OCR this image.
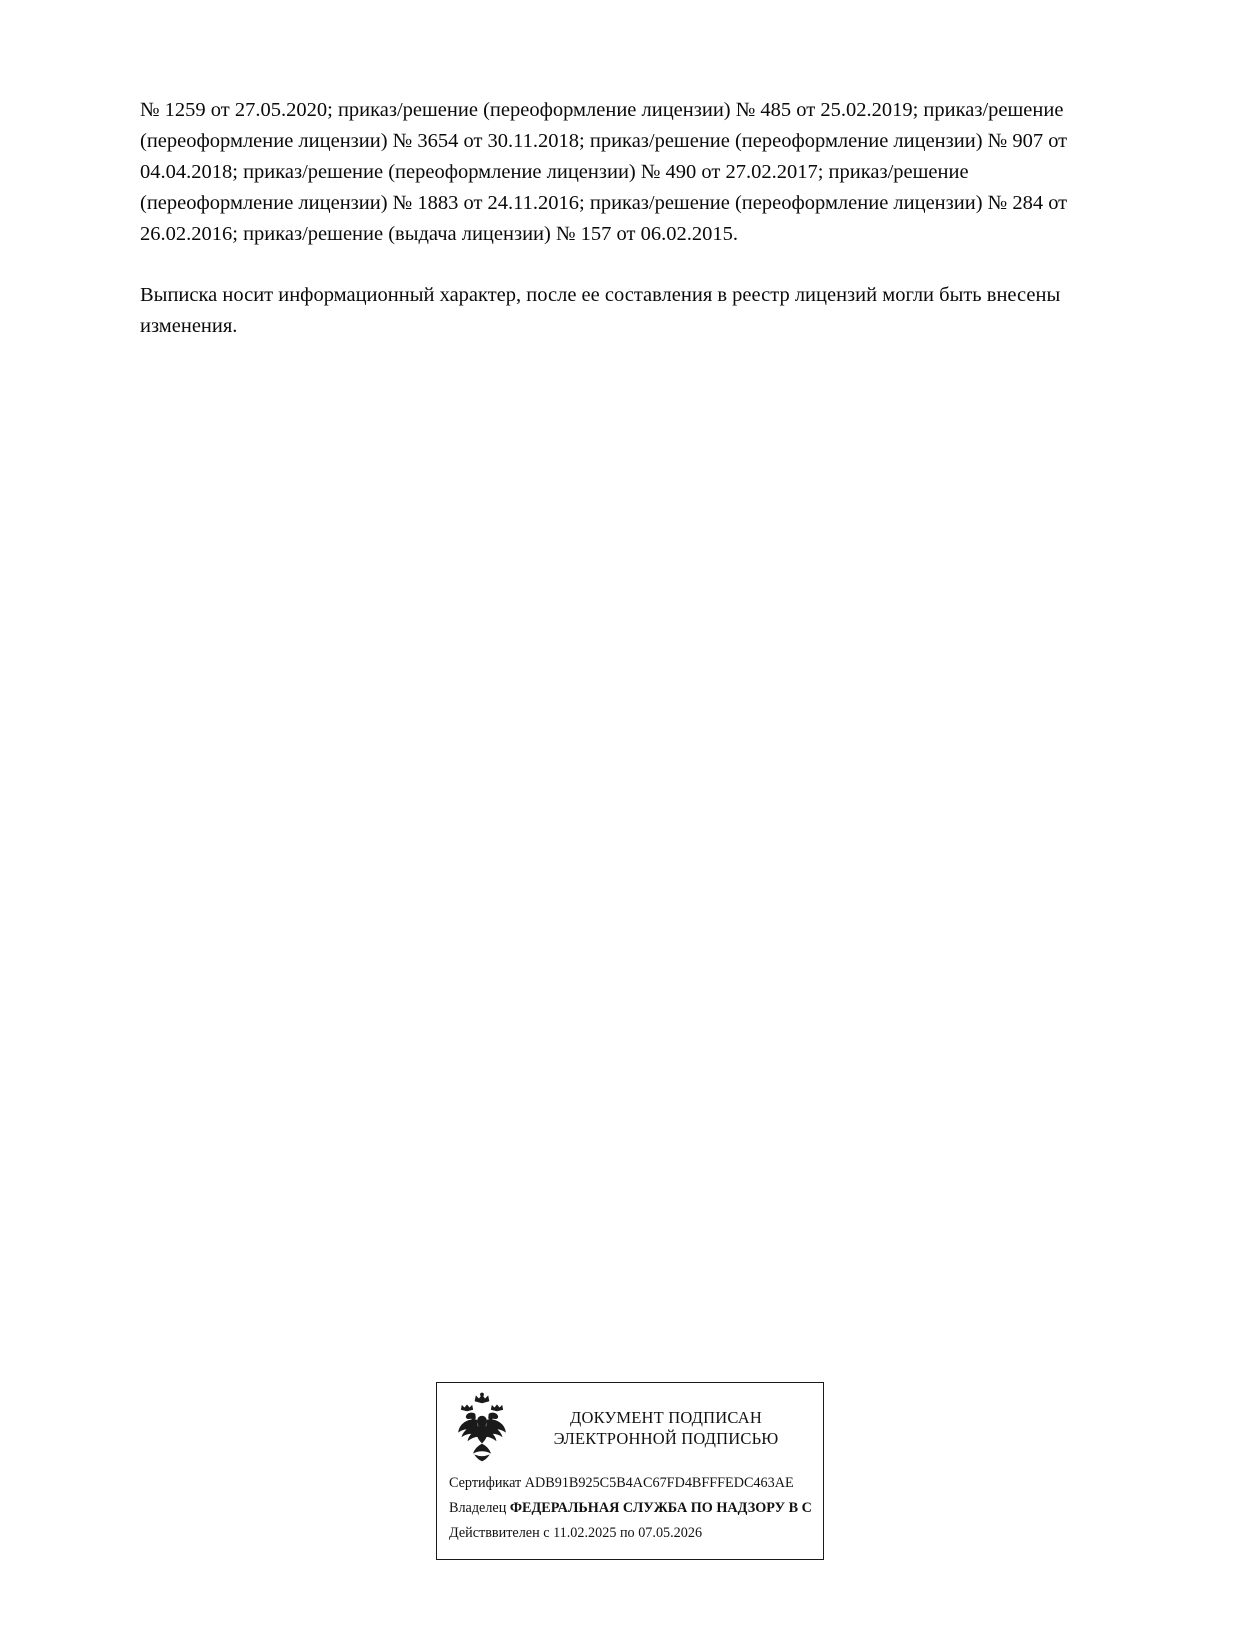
№ 1259 от 27.05.2020; приказ/решение (переоформление лицензии) № 485 от 25.02.2019; приказ/решение (переоформление лицензии) № 3654 от 30.11.2018; приказ/решение (переоформление лицензии) № 907 от 04.04.2018; приказ/решение (переоформление лицензии) № 490 от 27.02.2017; приказ/решение (переоформление лицензии) № 1883 от 24.11.2016; приказ/решение (переоформление лицензии) № 284 от 26.02.2016; приказ/решение (выдача лицензии) № 157 от 06.02.2015.

Выписка носит информационный характер, после ее составления в реестр лицензий могли быть внесены изменения.

ДОКУМЕНТ ПОДПИСАН
ЭЛЕКТРОННОЙ ПОДПИСЬЮ
Сертификат ADB91B925C5B4AC67FD4BFFFEDC463AE
Владелец ФЕДЕРАЛЬНАЯ СЛУЖБА ПО НАДЗОРУ В С
Действвителен с 11.02.2025 по 07.05.2026
